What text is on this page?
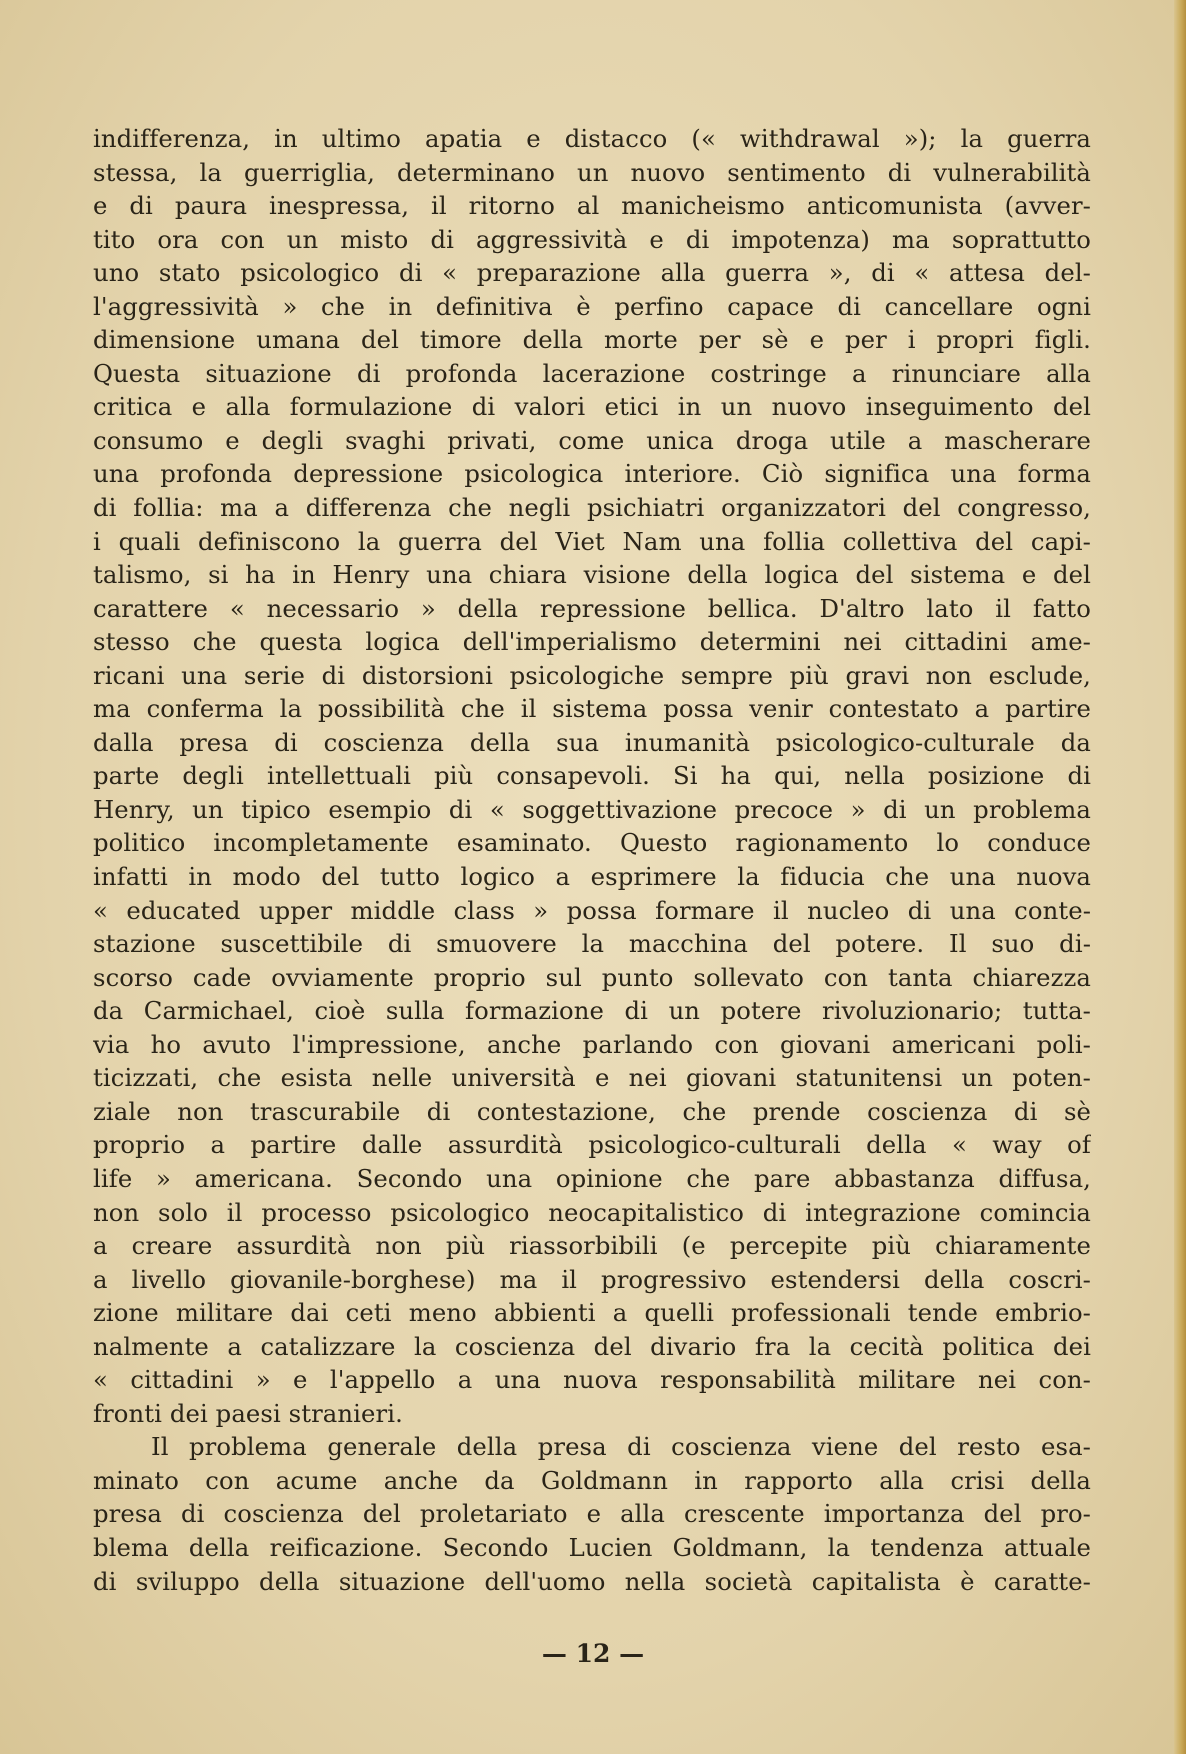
indifferenza, in ultimo apatia e distacco (« withdrawal »); la guerra
stessa, la guerriglia, determinano un nuovo sentimento di vulnerabilità
e di paura inespressa, il ritorno al manicheismo anticomunista (avver-
tito ora con un misto di aggressività e di impotenza) ma soprattutto
uno stato psicologico di « preparazione alla guerra », di « attesa del-
l'aggressività » che in definitiva è perfino capace di cancellare ogni
dimensione umana del timore della morte per sè e per i propri figli.
Questa situazione di profonda lacerazione costringe a rinunciare alla
critica e alla formulazione di valori etici in un nuovo inseguimento del
consumo e degli svaghi privati, come unica droga utile a mascherare
una profonda depressione psicologica interiore. Ciò significa una forma
di follia: ma a differenza che negli psichiatri organizzatori del congresso,
i quali definiscono la guerra del Viet Nam una follia collettiva del capi-
talismo, si ha in Henry una chiara visione della logica del sistema e del
carattere « necessario » della repressione bellica. D'altro lato il fatto
stesso che questa logica dell'imperialismo determini nei cittadini ame-
ricani una serie di distorsioni psicologiche sempre più gravi non esclude,
ma conferma la possibilità che il sistema possa venir contestato a partire
dalla presa di coscienza della sua inumanità psicologico-culturale da
parte degli intellettuali più consapevoli. Si ha qui, nella posizione di
Henry, un tipico esempio di « soggettivazione precoce » di un problema
politico incompletamente esaminato. Questo ragionamento lo conduce
infatti in modo del tutto logico a esprimere la fiducia che una nuova
« educated upper middle class » possa formare il nucleo di una conte-
stazione suscettibile di smuovere la macchina del potere. Il suo di-
scorso cade ovviamente proprio sul punto sollevato con tanta chiarezza
da Carmichael, cioè sulla formazione di un potere rivoluzionario; tutta-
via ho avuto l'impressione, anche parlando con giovani americani poli-
ticizzati, che esista nelle università e nei giovani statunitensi un poten-
ziale non trascurabile di contestazione, che prende coscienza di sè
proprio a partire dalle assurdità psicologico-culturali della « way of
life » americana. Secondo una opinione che pare abbastanza diffusa,
non solo il processo psicologico neocapitalistico di integrazione comincia
a creare assurdità non più riassorbibili (e percepite più chiaramente
a livello giovanile-borghese) ma il progressivo estendersi della coscri-
zione militare dai ceti meno abbienti a quelli professionali tende embrio-
nalmente a catalizzare la coscienza del divario fra la cecità politica dei
« cittadini » e l'appello a una nuova responsabilità militare nei con-
fronti dei paesi stranieri.
Il problema generale della presa di coscienza viene del resto esa-
minato con acume anche da Goldmann in rapporto alla crisi della
presa di coscienza del proletariato e alla crescente importanza del pro-
blema della reificazione. Secondo Lucien Goldmann, la tendenza attuale
di sviluppo della situazione dell'uomo nella società capitalista è caratte-
— 12 —
